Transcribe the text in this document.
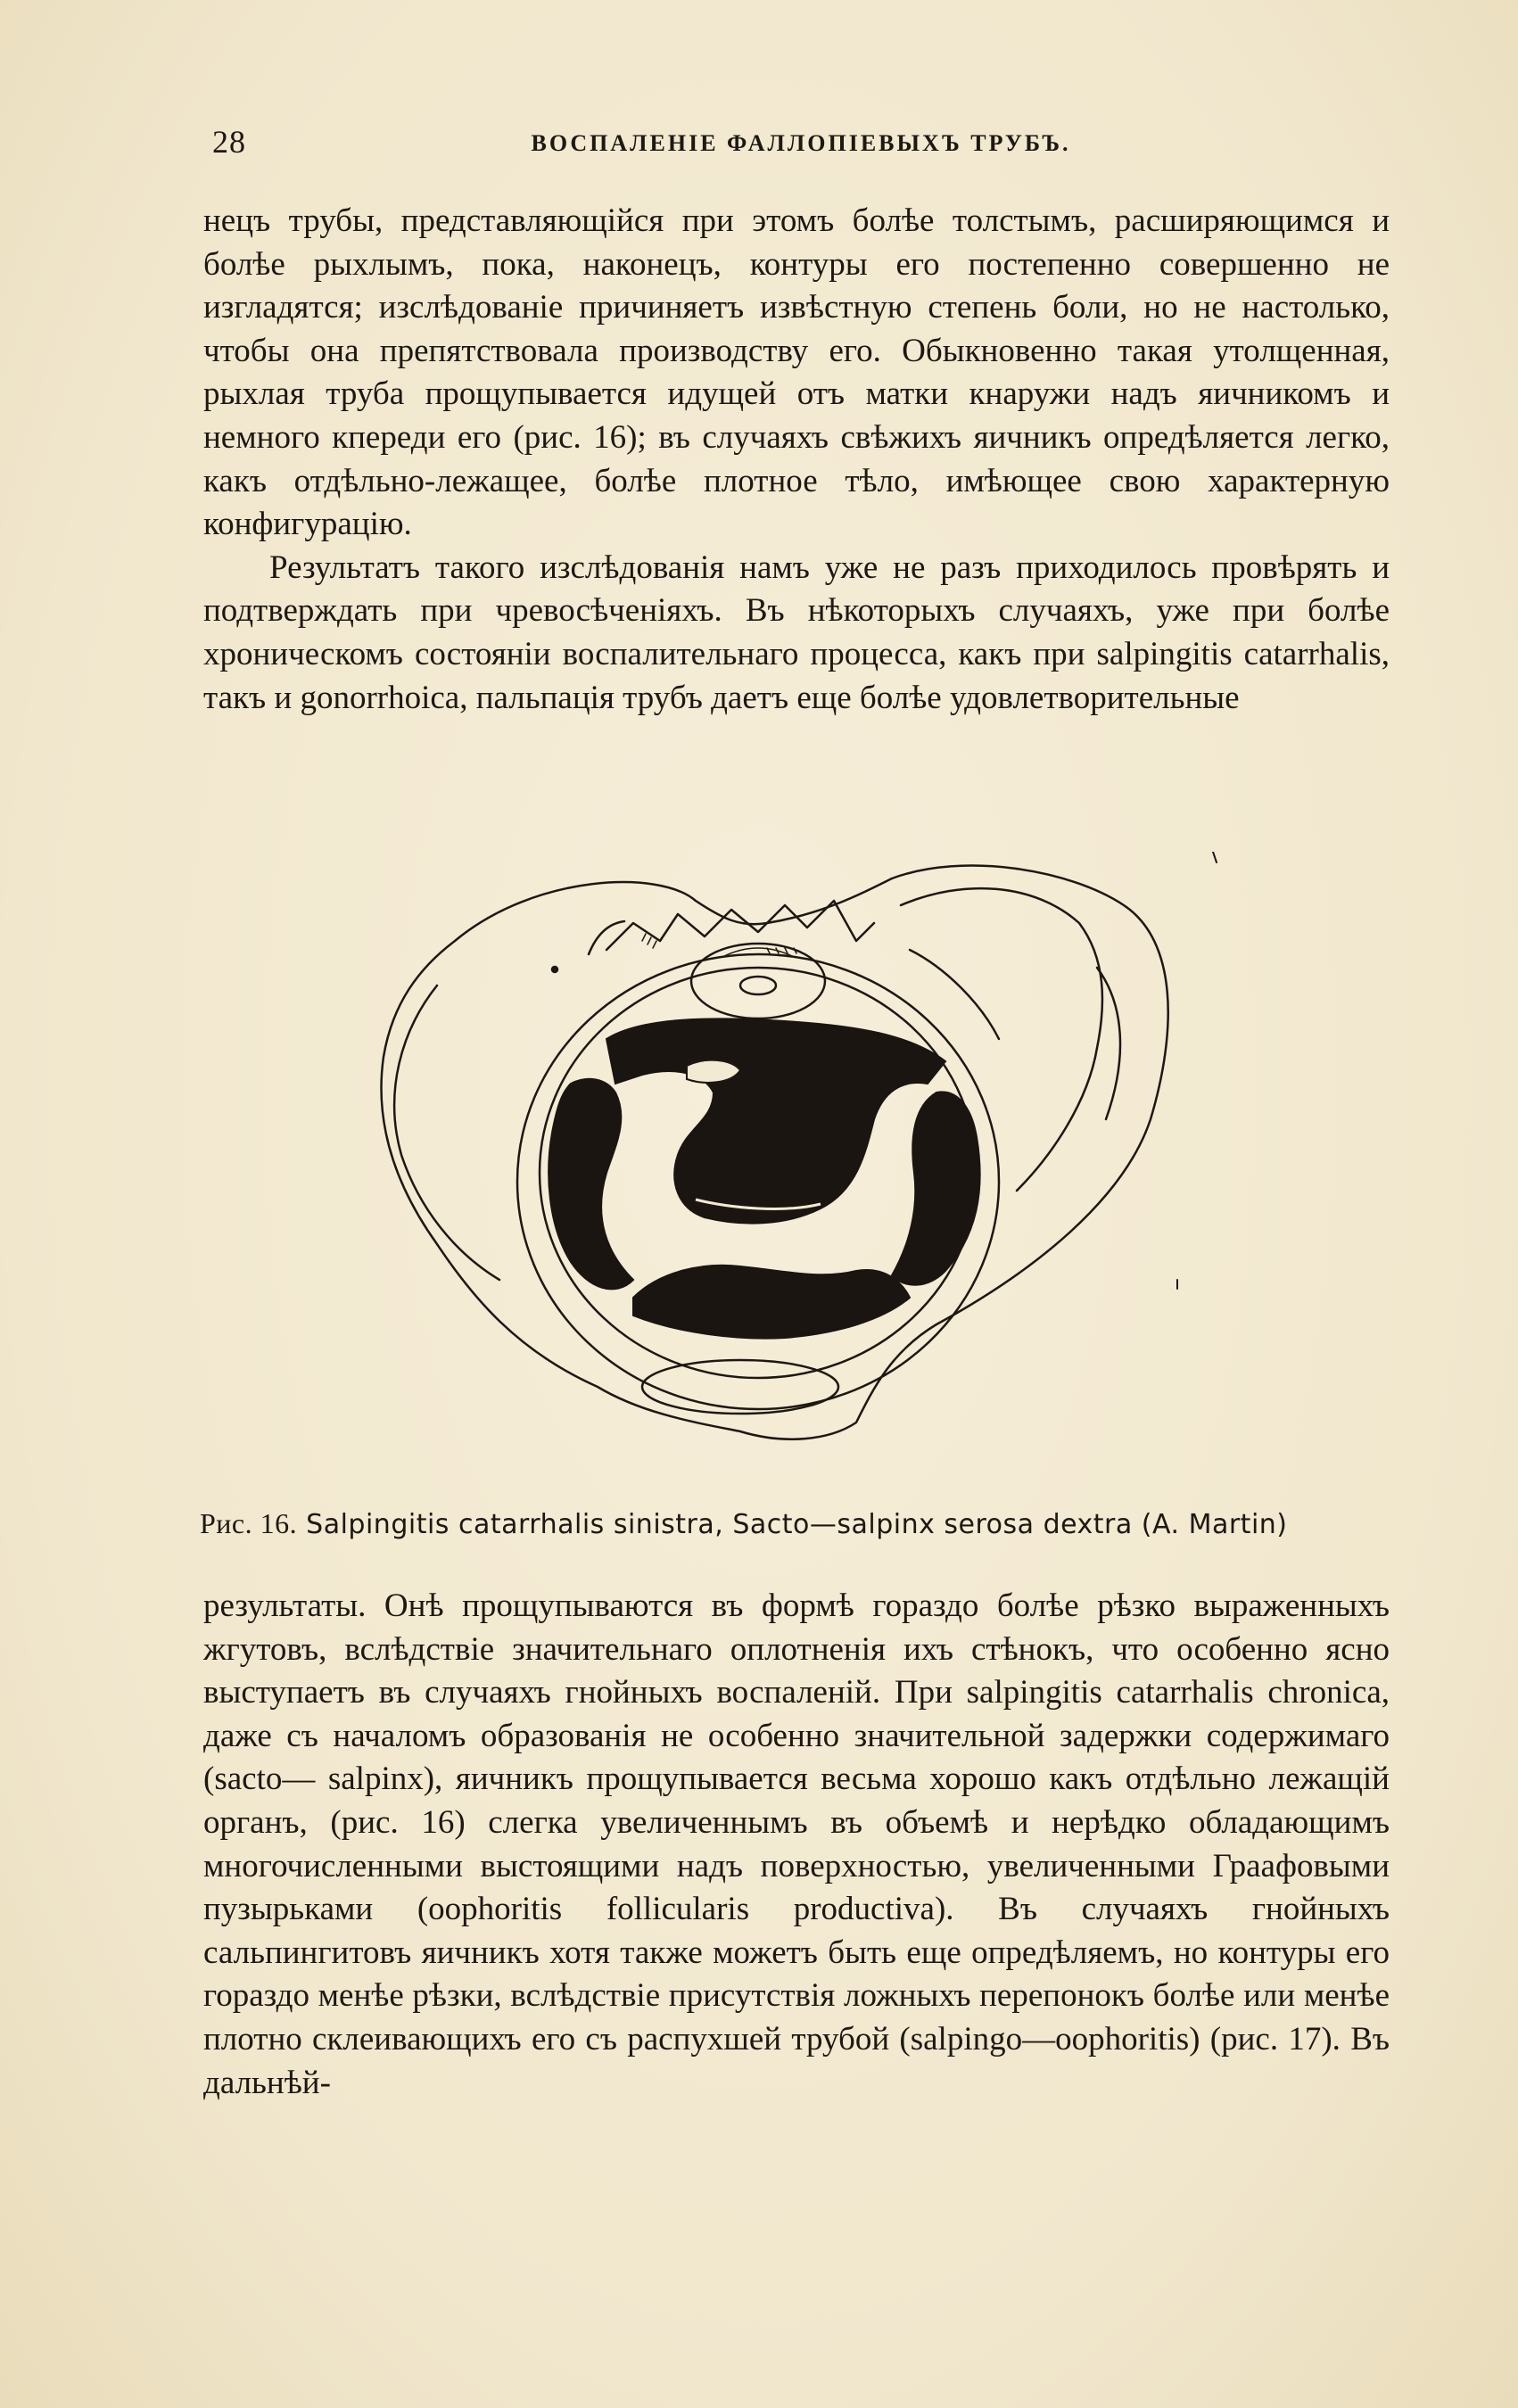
28	ВОСПАЛЕНІЕ ФАЛЛОПІЕВЫХЪ ТРУБЪ.

нецъ трубы, представляющійся при этомъ болѣе толстымъ, расширяющимся и болѣе рыхлымъ, пока, наконецъ, контуры его постепенно совершенно не изгладятся; изслѣдованіе причиняетъ извѣстную степень боли, но не настолько, чтобы она препятствовала производству его. Обыкновенно такая утолщенная, рыхлая труба прощупывается идущей отъ матки кнаружи надъ яичникомъ и немного кпереди его (рис. 16); въ случаяхъ свѣжихъ яичникъ опредѣляется легко, какъ отдѣльно-лежащее, болѣе плотное тѣло, имѣющее свою характерную конфигурацію.

Результатъ такого изслѣдованія намъ уже не разъ приходилось провѣрять и подтверждать при чревосѣченіяхъ. Въ нѣкоторыхъ случаяхъ, уже при болѣе хроническомъ состояніи воспалительнаго процесса, какъ при salpingitis catarrhalis, такъ и gonorrhoica, пальпація трубъ даетъ еще болѣе удовлетворительные

Рис. 16. Salpingitis catarrhalis sinistra, Sacto—salpinx serosa dextra (A. Martin)

результаты. Онѣ прощупываются въ формѣ гораздо болѣе рѣзко выраженныхъ жгутовъ, вслѣдствіе значительнаго оплотненія ихъ стѣнокъ, что особенно ясно выступаетъ въ случаяхъ гнойныхъ воспаленій. При salpingitis catarrhalis chronica, даже съ началомъ образованія не особенно значительной задержки содержимаго (sacto— salpinx), яичникъ прощупывается весьма хорошо какъ отдѣльно лежащій органъ, (рис. 16) слегка увеличеннымъ въ объемѣ и нерѣдко обладающимъ многочисленными выстоящими надъ поверхностью, увеличенными Граафовыми пузырьками (oophoritis follicularis productiva). Въ случаяхъ гнойныхъ сальпингитовъ яичникъ хотя также можетъ быть еще опредѣляемъ, но контуры его гораздо менѣе рѣзки, вслѣдствіе присутствія ложныхъ перепонокъ болѣе или менѣе плотно склеивающихъ его съ распухшей трубой (salpingo—oophoritis) (рис. 17). Въ дальнѣй-
